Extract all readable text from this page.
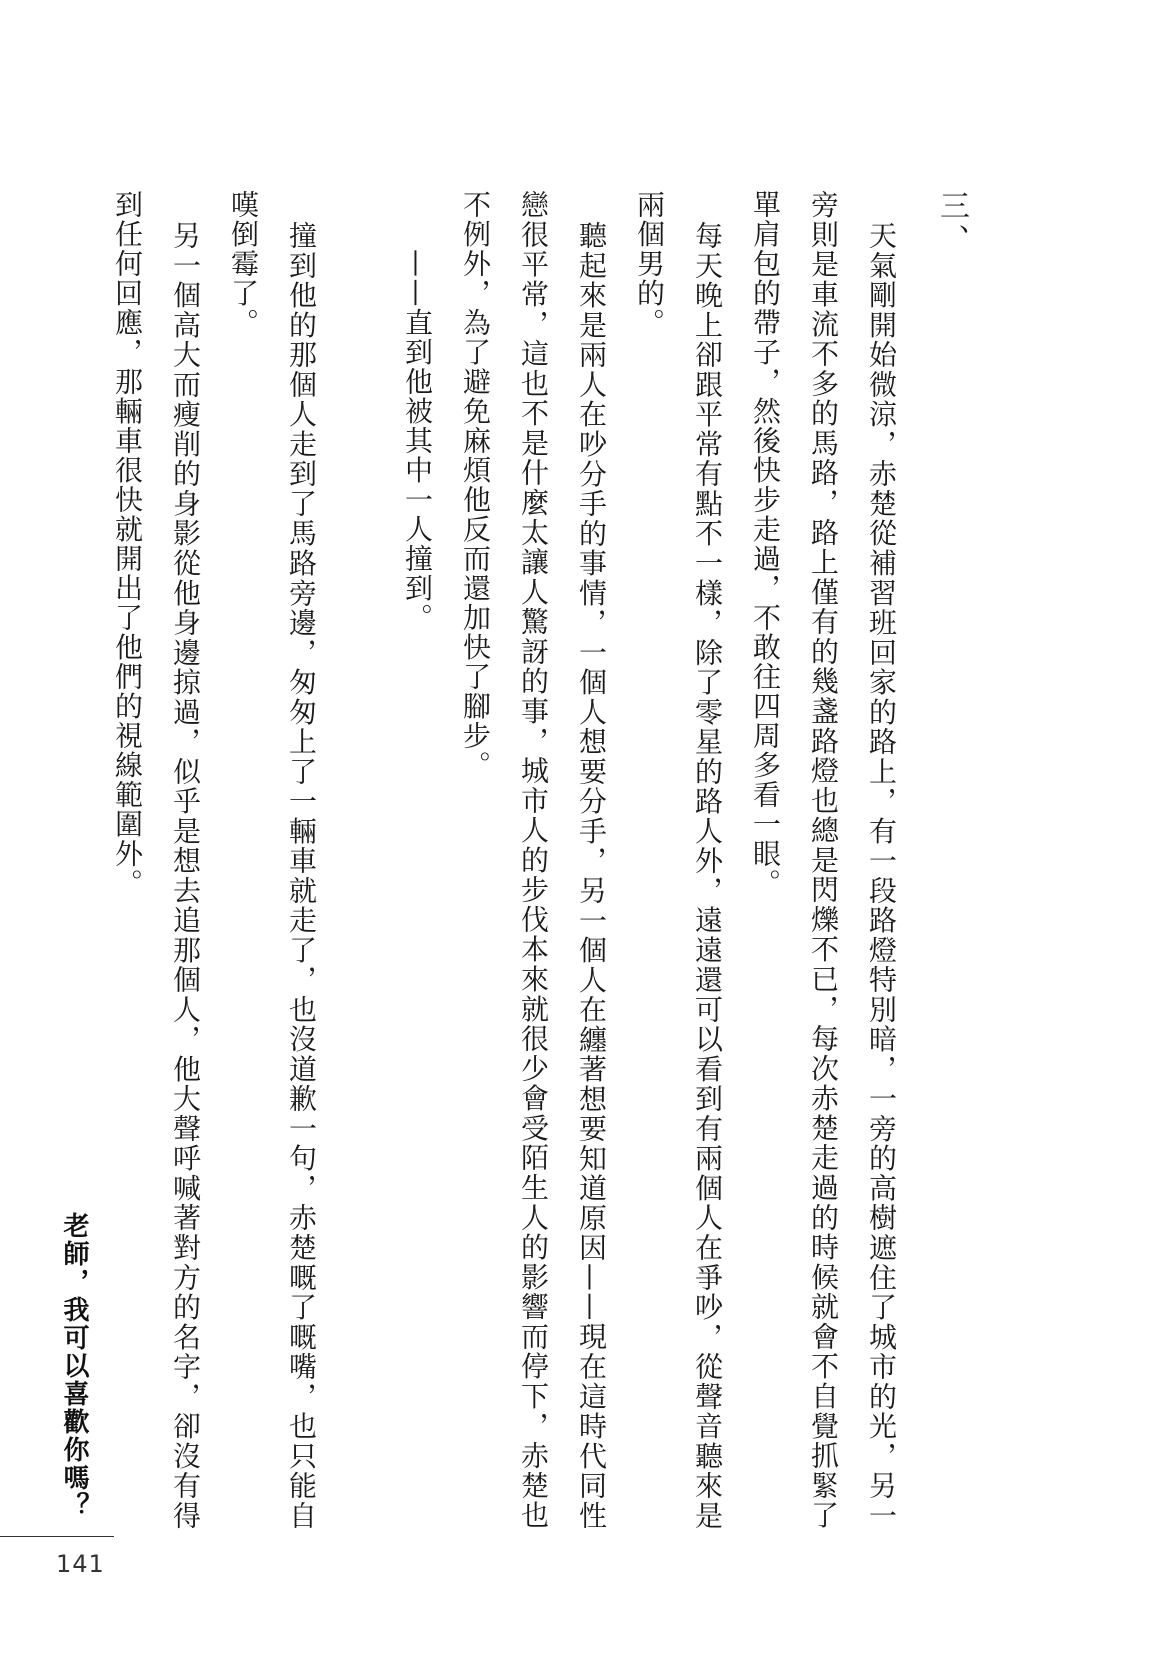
三、

天氣剛開始微涼，赤楚從補習班回家的路上，有一段路燈特別暗，一旁的高樹遮住了城市的光，另一旁則是車流不多的馬路，路上僅有的幾盞路燈也總是閃爍不已，每次赤楚走過的時候就會不自覺抓緊了單肩包的帶子，然後快步走過，不敢往四周多看一眼。

每天晚上卻跟平常有點不一樣，除了零星的路人外，遠遠還可以看到有兩個人在爭吵，從聲音聽來是兩個男的。

聽起來是兩人在吵分手的事情，一個人想要分手，另一個人在纏著想要知道原因——現在這時代同性戀很平常，這也不是什麼太讓人驚訝的事，城市人的步伐本來就很少會受陌生人的影響而停下，赤楚也不例外，為了避免麻煩他反而還加快了腳步。

——直到他被其中一人撞到。

撞到他的那個人走到了馬路旁邊，匆匆上了一輛車就走了，也沒道歉一句，赤楚嘅了嘅嘴，也只能自嘆倒霉了。

另一個高大而瘦削的身影從他身邊掠過，似乎是想去追那個人，他大聲呼喊著對方的名字，卻沒有得到任何回應，那輛車很快就開出了他們的視線範圍外。

老師，我可以喜歡你嗎？
141
